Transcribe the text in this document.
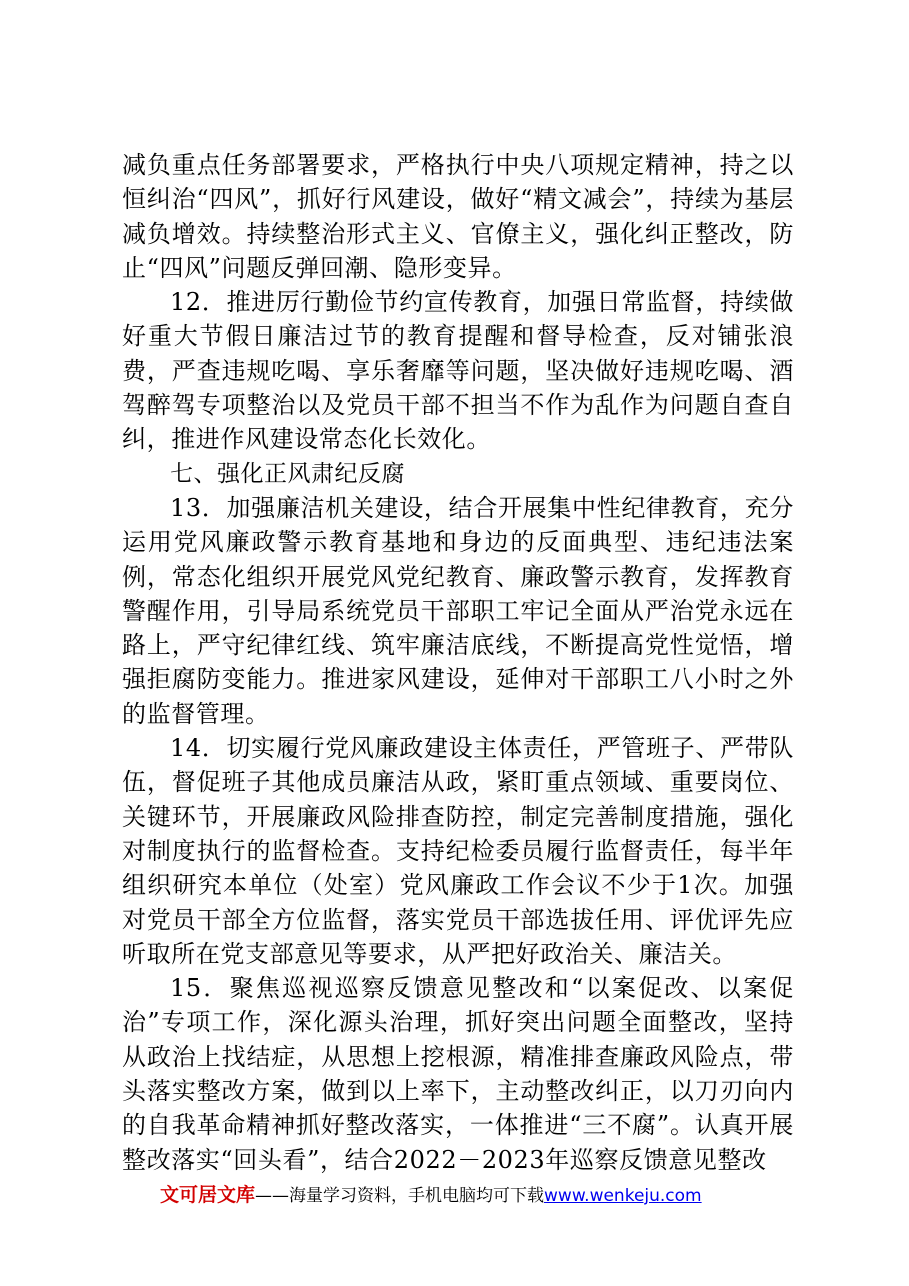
减负重点任务部署要求，严格执行中央八项规定精神，持之以恒纠治“四风”，抓好行风建设，做好“精文减会”，持续为基层减负增效。持续整治形式主义、官僚主义，强化纠正整改，防止“四风”问题反弹回潮、隐形变异。

12．推进厉行勤俭节约宣传教育，加强日常监督，持续做好重大节假日廉洁过节的教育提醒和督导检查，反对铺张浪费，严查违规吃喝、享乐奢靡等问题，坚决做好违规吃喝、酒驾醉驾专项整治以及党员干部不担当不作为乱作为问题自查自纠，推进作风建设常态化长效化。

七、强化正风肃纪反腐

13．加强廉洁机关建设，结合开展集中性纪律教育，充分运用党风廉政警示教育基地和身边的反面典型、违纪违法案例，常态化组织开展党风党纪教育、廉政警示教育，发挥教育警醒作用，引导局系统党员干部职工牢记全面从严治党永远在路上，严守纪律红线、筑牢廉洁底线，不断提高党性觉悟，增强拒腐防变能力。推进家风建设，延伸对干部职工八小时之外的监督管理。

14．切实履行党风廉政建设主体责任，严管班子、严带队伍，督促班子其他成员廉洁从政，紧盯重点领域、重要岗位、关键环节，开展廉政风险排查防控，制定完善制度措施，强化对制度执行的监督检查。支持纪检委员履行监督责任，每半年组织研究本单位（处室）党风廉政工作会议不少于1次。加强对党员干部全方位监督，落实党员干部选拔任用、评优评先应听取所在党支部意见等要求，从严把好政治关、廉洁关。

15．聚焦巡视巡察反馈意见整改和“以案促改、以案促治”专项工作，深化源头治理，抓好突出问题全面整改，坚持从政治上找结症，从思想上挖根源，精准排查廉政风险点，带头落实整改方案，做到以上率下，主动整改纠正，以刀刃向内的自我革命精神抓好整改落实，一体推进“三不腐”。认真开展整改落实“回头看”，结合2022－2023年巡察反馈意见整改

文可居文库——海量学习资料，手机电脑均可下载www.wenkeju.com
